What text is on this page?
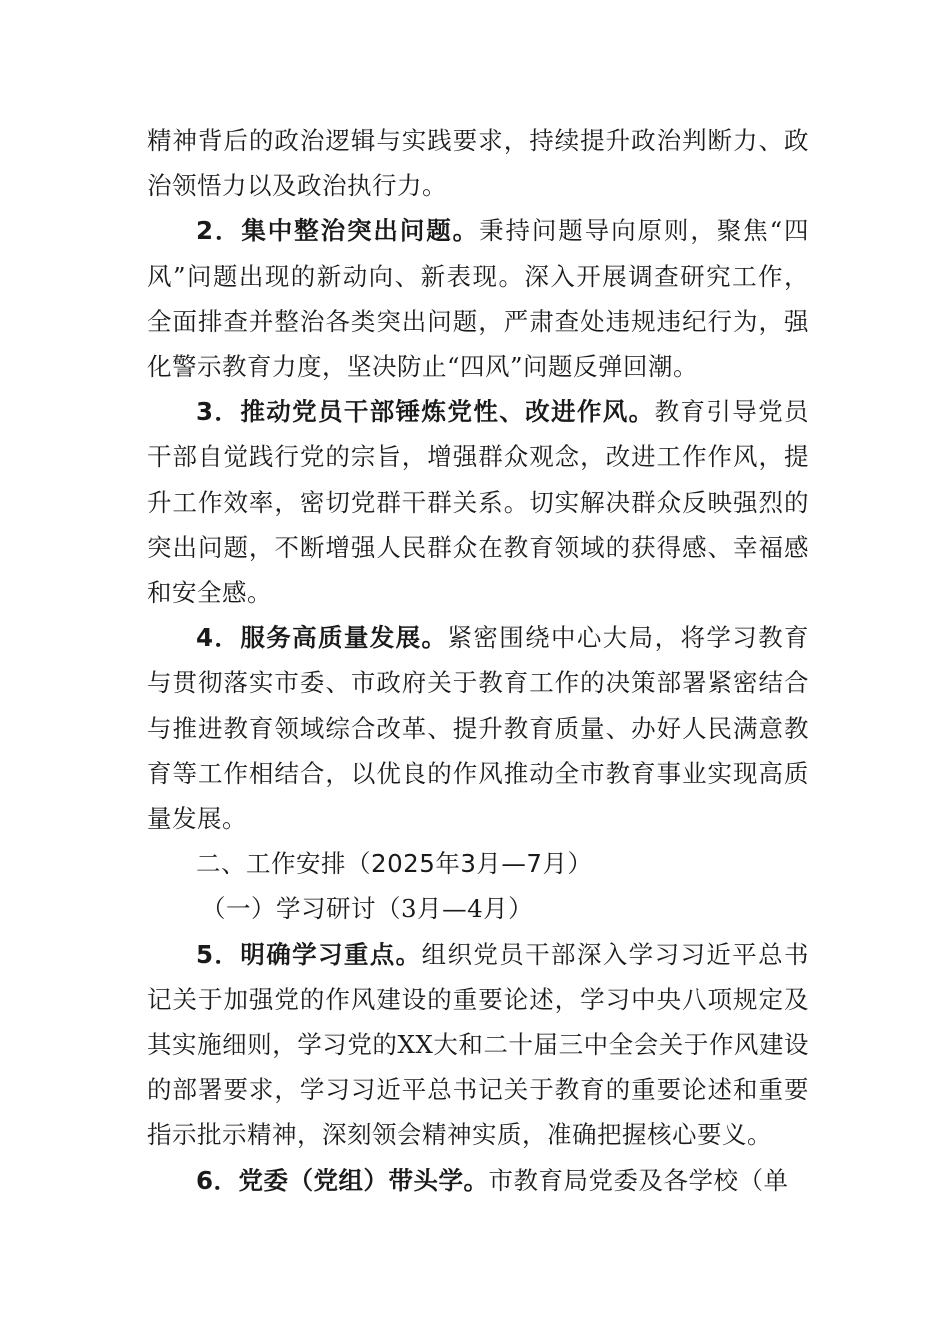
精神背后的政治逻辑与实践要求，持续提升政治判断力、政治领悟力以及政治执行力。

2．集中整治突出问题。秉持问题导向原则，聚焦“四风”问题出现的新动向、新表现。深入开展调查研究工作，全面排查并整治各类突出问题，严肃查处违规违纪行为，强化警示教育力度，坚决防止“四风”问题反弹回潮。

3．推动党员干部锤炼党性、改进作风。教育引导党员干部自觉践行党的宗旨，增强群众观念，改进工作作风，提升工作效率，密切党群干群关系。切实解决群众反映强烈的突出问题，不断增强人民群众在教育领域的获得感、幸福感和安全感。

4．服务高质量发展。紧密围绕中心大局，将学习教育与贯彻落实市委、市政府关于教育工作的决策部署紧密结合与推进教育领域综合改革、提升教育质量、办好人民满意教育等工作相结合，以优良的作风推动全市教育事业实现高质量发展。

二、工作安排（2025年3月—7月）

（一）学习研讨（3月—4月）

5．明确学习重点。组织党员干部深入学习习近平总书记关于加强党的作风建设的重要论述，学习中央八项规定及其实施细则，学习党的XX大和二十届三中全会关于作风建设的部署要求，学习习近平总书记关于教育的重要论述和重要指示批示精神，深刻领会精神实质，准确把握核心要义。

6．党委（党组）带头学。市教育局党委及各学校（单
